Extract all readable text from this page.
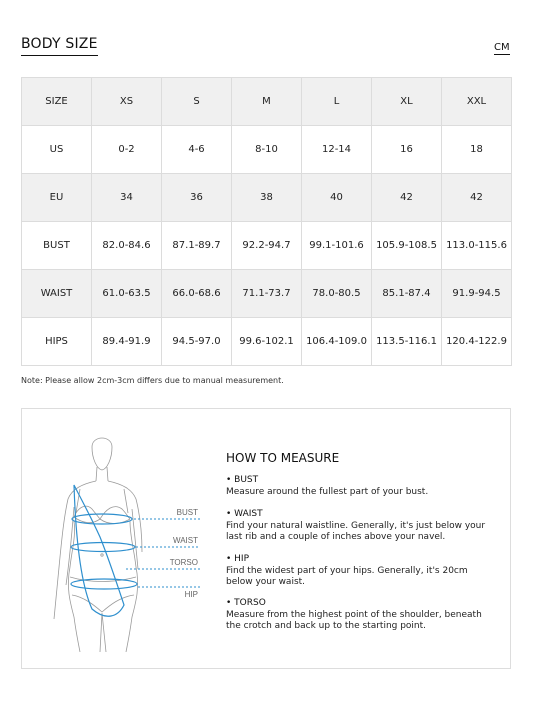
BODY SIZE	CM
SIZE	XS	S	M	L	XL	XXL
US	0-2	4-6	8-10	12-14	16	18
EU	34	36	38	40	42	42
BUST	82.0-84.6	87.1-89.7	92.2-94.7	99.1-101.6	105.9-108.5	113.0-115.6
WAIST	61.0-63.5	66.0-68.6	71.1-73.7	78.0-80.5	85.1-87.4	91.9-94.5
HIPS	89.4-91.9	94.5-97.0	99.6-102.1	106.4-109.0	113.5-116.1	120.4-122.9
Note: Please allow 2cm-3cm differs due to manual measurement.
BUST
WAIST
TORSO
HIP
HOW TO MEASURE
• BUST
Measure around the fullest part of your bust.
• WAIST
Find your natural waistline. Generally, it's just below your last rib and a couple of inches above your navel.
• HIP
Find the widest part of your hips. Generally, it's 20cm below your waist.
• TORSO
Measure from the highest point of the shoulder, beneath the crotch and back up to the starting point.
